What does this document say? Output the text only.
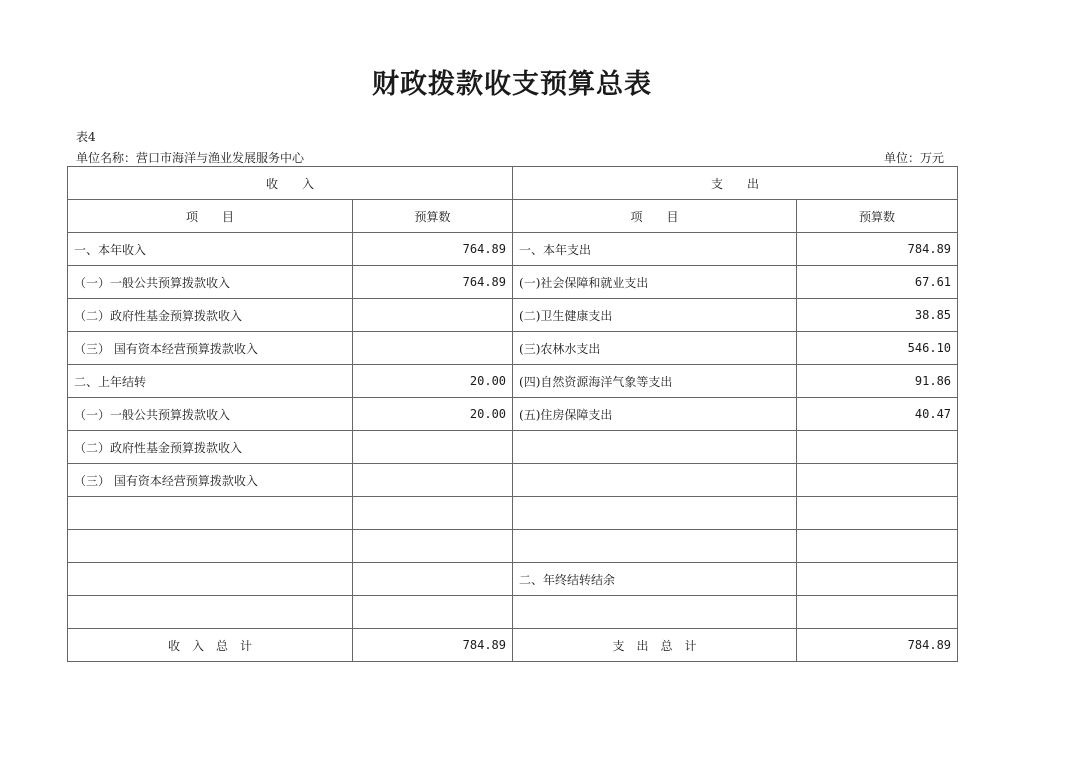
财政拨款收支预算总表
表4
单位名称：营口市海洋与渔业发展服务中心	单位：万元
收　　入		支　　出	
项　　目	预算数	项　　目	预算数
一、本年收入	764.89	一、本年支出	784.89
（一）一般公共预算拨款收入	764.89	(一)社会保障和就业支出	67.61
（二）政府性基金预算拨款收入		(二)卫生健康支出	38.85
（三） 国有资本经营预算拨款收入		(三)农林水支出	546.10
二、上年结转	20.00	(四)自然资源海洋气象等支出	91.86
（一）一般公共预算拨款收入	20.00	(五)住房保障支出	40.47
（二）政府性基金预算拨款收入			
（三） 国有资本经营预算拨款收入			

		二、年终结转结余	

收　入　总　计	784.89	支　出　总　计	784.89
